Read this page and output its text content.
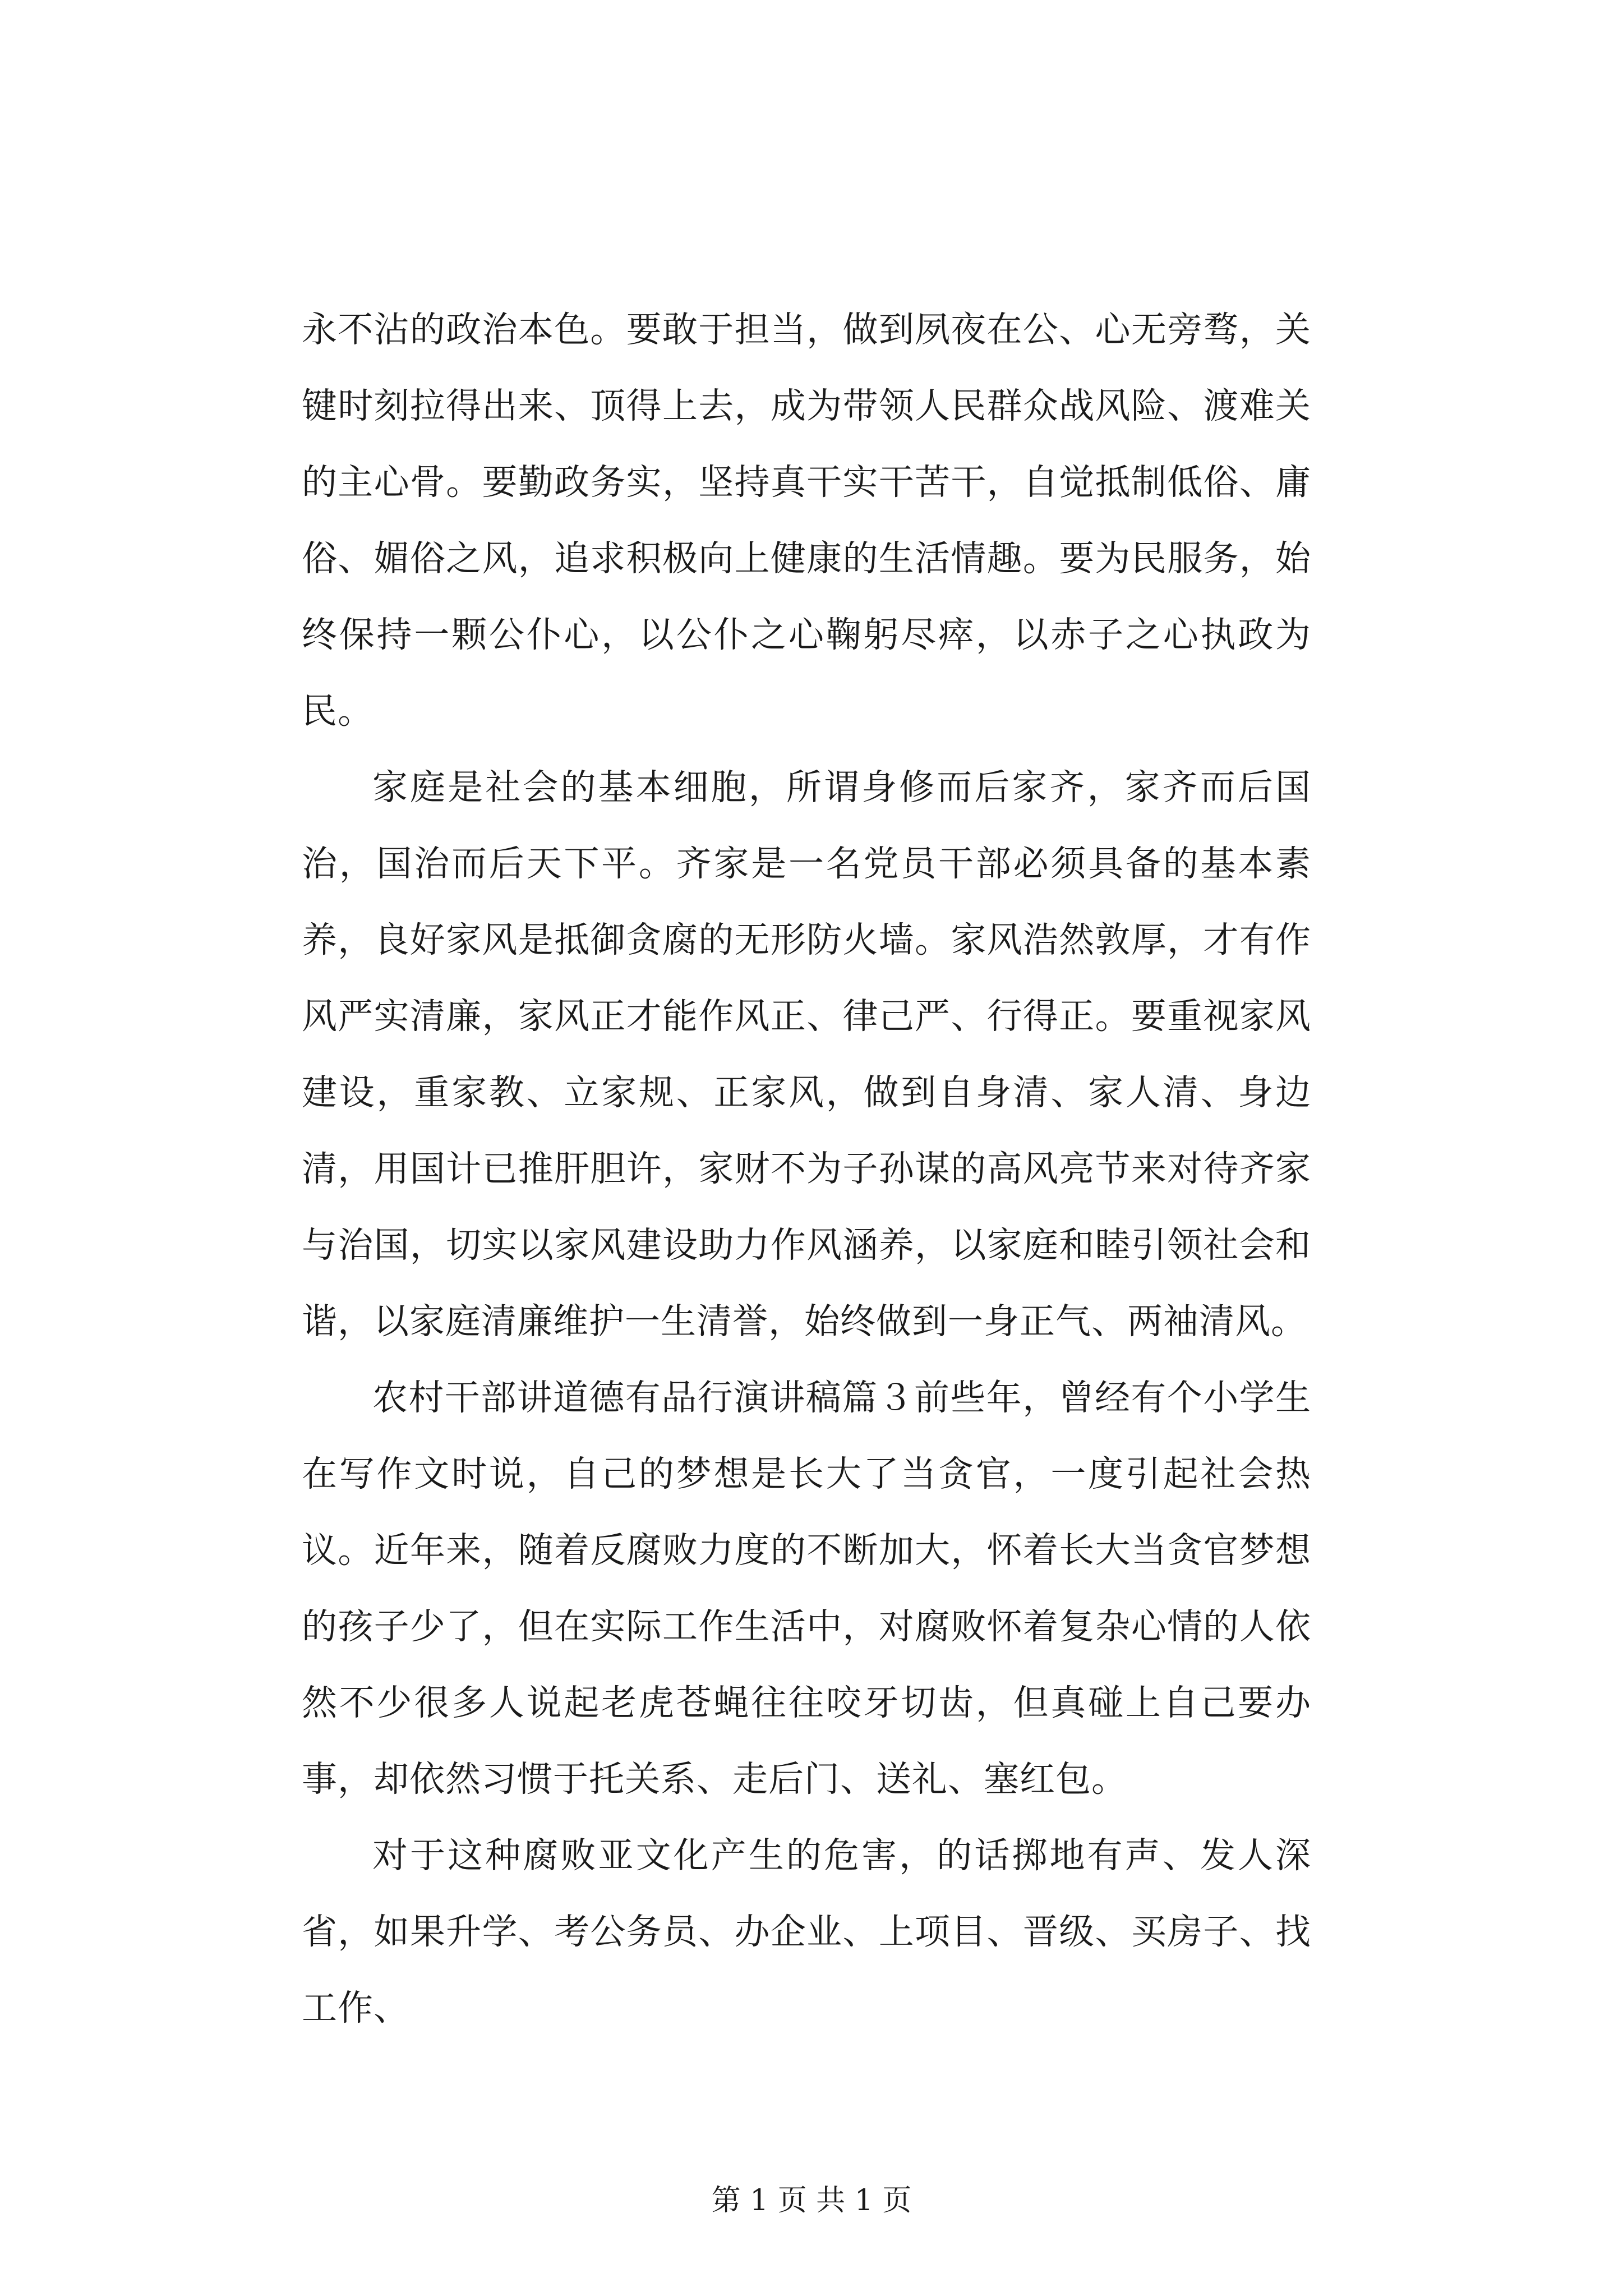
永不沾的政治本色。要敢于担当，做到夙夜在公、心无旁骛，关键时刻拉得出来、顶得上去，成为带领人民群众战风险、渡难关的主心骨。要勤政务实，坚持真干实干苦干，自觉抵制低俗、庸俗、媚俗之风，追求积极向上健康的生活情趣。要为民服务，始终保持一颗公仆心，以公仆之心鞠躬尽瘁，以赤子之心执政为民。

家庭是社会的基本细胞，所谓身修而后家齐，家齐而后国治，国治而后天下平。齐家是一名党员干部必须具备的基本素养，良好家风是抵御贪腐的无形防火墙。家风浩然敦厚，才有作风严实清廉，家风正才能作风正、律己严、行得正。要重视家风建设，重家教、立家规、正家风，做到自身清、家人清、身边清，用国计已推肝胆许，家财不为子孙谋的高风亮节来对待齐家与治国，切实以家风建设助力作风涵养，以家庭和睦引领社会和谐，以家庭清廉维护一生清誉，始终做到一身正气、两袖清风。

农村干部讲道德有品行演讲稿篇３前些年，曾经有个小学生在写作文时说，自己的梦想是长大了当贪官，一度引起社会热议。近年来，随着反腐败力度的不断加大，怀着长大当贪官梦想的孩子少了，但在实际工作生活中，对腐败怀着复杂心情的人依然不少很多人说起老虎苍蝇往往咬牙切齿，但真碰上自己要办事，却依然习惯于托关系、走后门、送礼、塞红包。

对于这种腐败亚文化产生的危害，的话掷地有声、发人深省，如果升学、考公务员、办企业、上项目、晋级、买房子、找工作、

第 1 页 共 1 页
